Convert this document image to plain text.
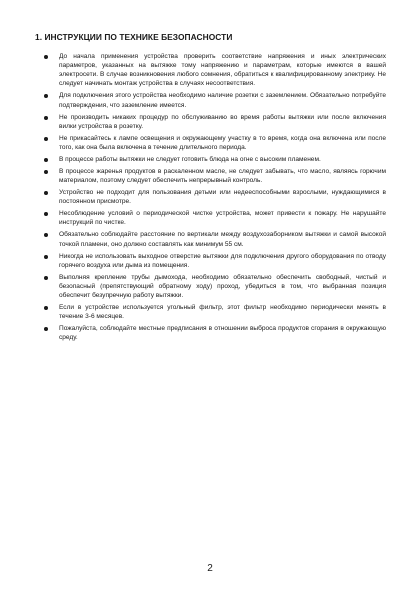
1. ИНСТРУКЦИИ ПО ТЕХНИКЕ БЕЗОПАСНОСТИ
До начала применения устройства проверить соответствие напряжения и иных электрических параметров, указанных на вытяжке тому напряжению и параметрам, которые имеются в вашей электросети. В случае возникновения любого сомнения, обратиться к квалифицированному электрику. Не следует начинать монтаж устройства в случаях несоответствия.
Для подключения этого устройства необходимо наличие розетки с заземлением. Обязательно потребуйте подтверждения, что заземление имеется.
Не производить никаких процедур по обслуживанию во время работы вытяжки или после включения вилки устройства в розетку.
Не прикасайтесь к лампе освещения и окружающему участку в то время, когда она включена или после того, как она была включена в течение длительного периода.
В процессе работы вытяжки не следует готовить блюда на огне с высоким пламенем.
В процессе жаренья продуктов в раскаленном масле, не следует забывать, что масло, являясь горючим материалом, поэтому следует обеспечить непрерывный контроль.
Устройство не подходит для пользования детьми или недееспособными взрослыми, нуждающимися в постоянном присмотре.
Несоблюдение условий о периодической чистке устройства, может привести к пожару. Не нарушайте инструкций по чистке.
Обязательно соблюдайте расстояние по вертикали между воздухозаборником вытяжки и самой высокой точкой пламени, оно должно составлять как минимум 55 см.
Никогда не использовать выходное отверстие вытяжки для подключения другого оборудования по отводу горячего воздуха или дыма из помещения.
Выполняя крепление трубы дымохода, необходимо обязательно обеспечить свободный, чистый и безопасный (препятствующий обратному ходу) проход, убедиться в том, что выбранная позиция обеспечит безупречную работу вытяжки.
Если в устройстве используется угольный фильтр, этот фильтр необходимо периодически менять в течение 3-6 месяцев.
Пожалуйста, соблюдайте местные предписания в отношении выброса продуктов сгорания в окружающую среду.
2
